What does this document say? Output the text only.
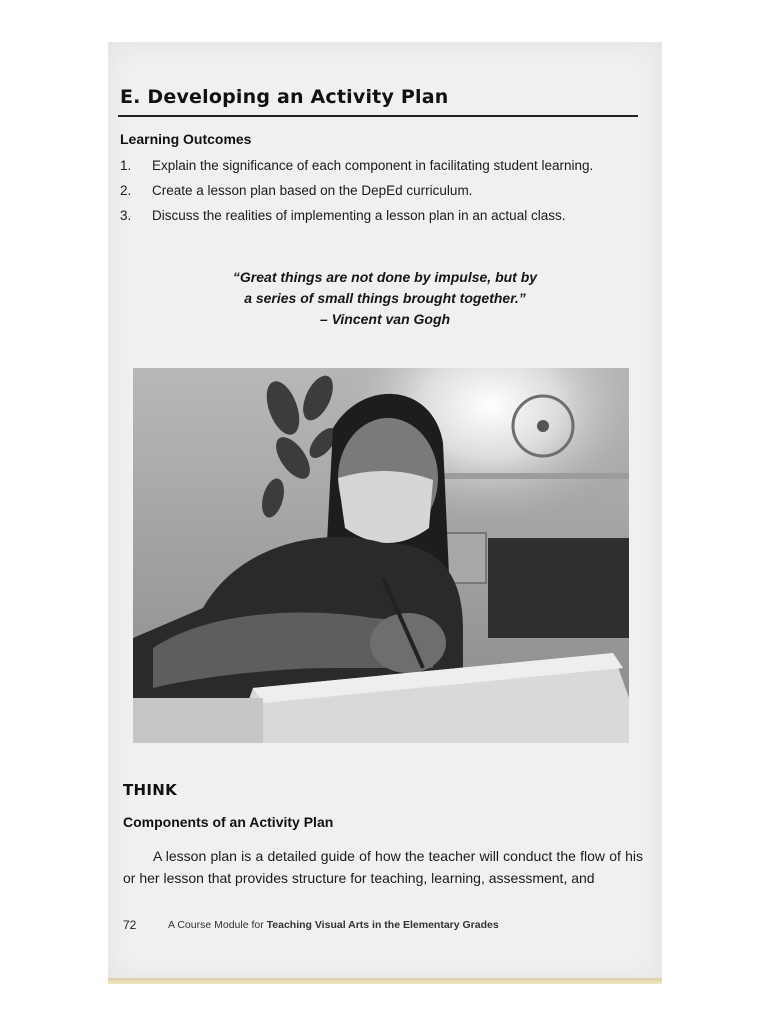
E. Developing an Activity Plan
Learning Outcomes
1.	Explain the significance of each component in facilitating student learning.
2.	Create a lesson plan based on the DepEd curriculum.
3.	Discuss the realities of implementing a lesson plan in an actual class.
“Great things are not done by impulse, but by
a series of small things brought together.”
– Vincent van Gogh
THINK
Components of an Activity Plan
A lesson plan is a detailed guide of how the teacher will conduct the flow of his or her lesson that provides structure for teaching, learning, assessment, and
72	A Course Module for Teaching Visual Arts in the Elementary Grades
